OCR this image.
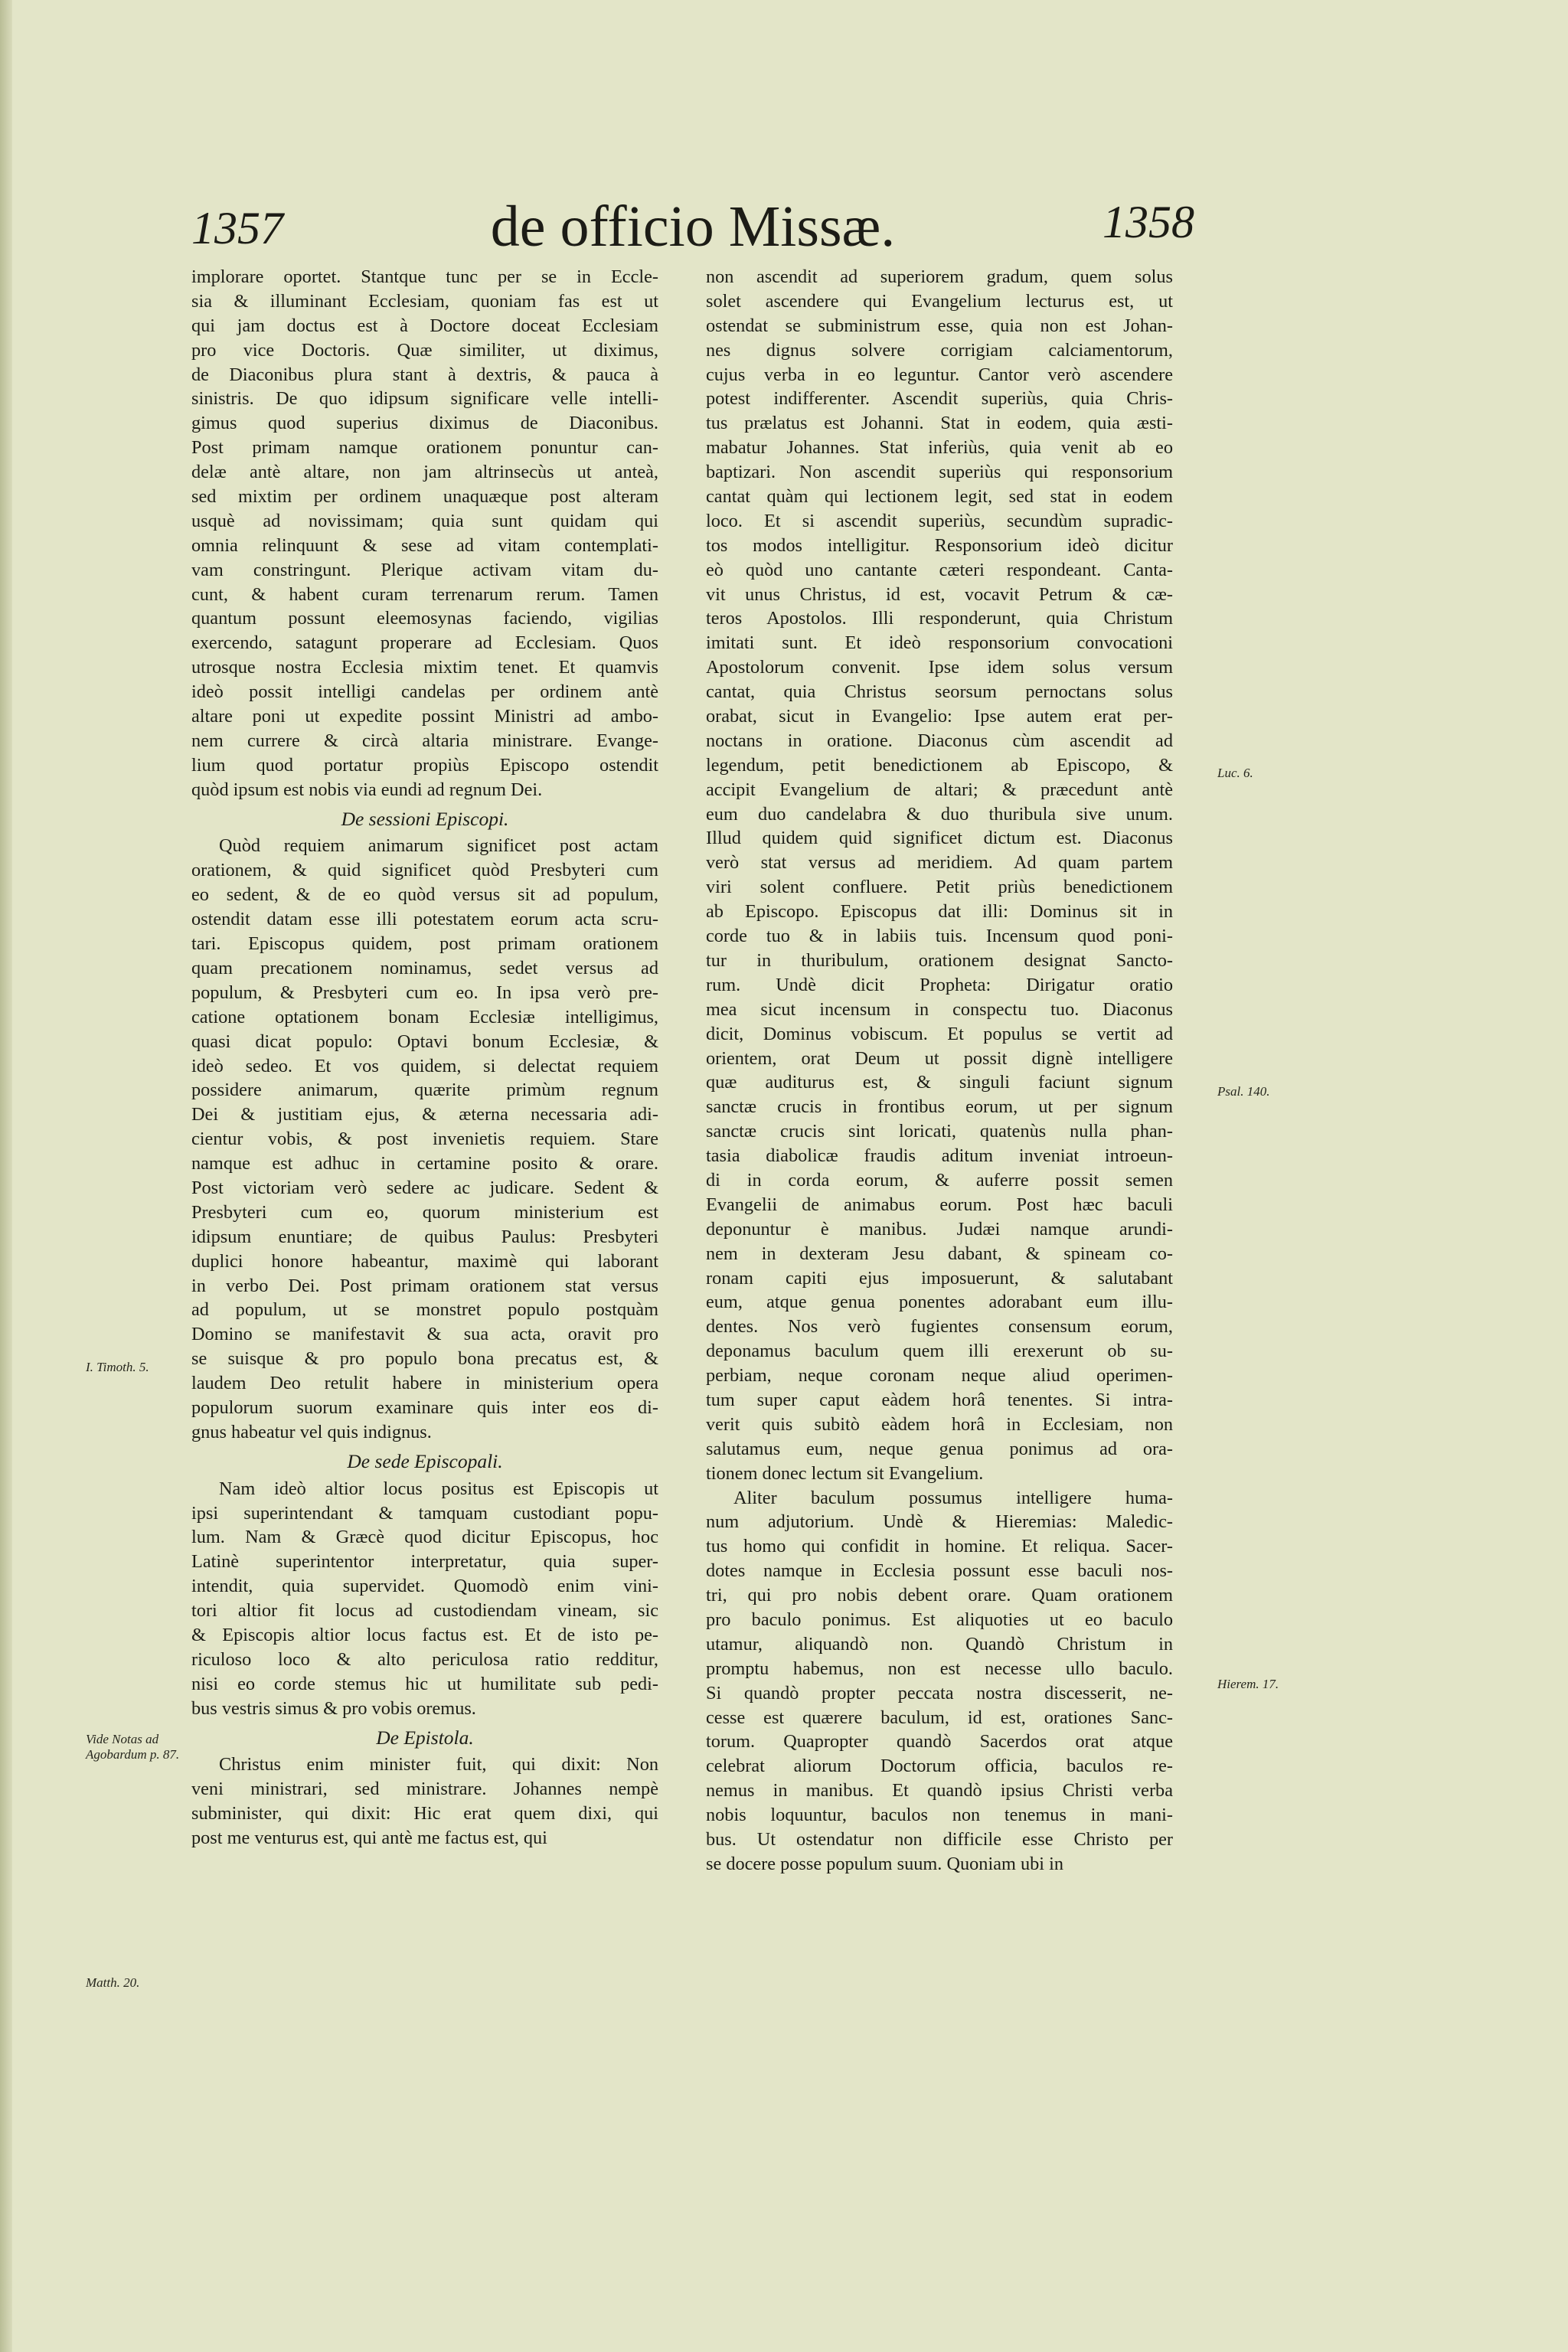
1357	de officio Missæ.	1358
implorare oportet. Stantque tunc per se in Eccle-
sia & illuminant Ecclesiam, quoniam fas est ut
qui jam doctus est à Doctore doceat Ecclesiam
pro vice Doctoris. Quæ similiter, ut diximus,
de Diaconibus plura stant à dextris, & pauca à
sinistris. De quo idipsum significare velle intelli-
gimus quod superius diximus de Diaconibus.
Post primam namque orationem ponuntur can-
delæ antè altare, non jam altrinsecùs ut anteà,
sed mixtim per ordinem unaquæque post alteram
usquè ad novissimam; quia sunt quidam qui
omnia relinquunt & sese ad vitam contemplati-
vam constringunt. Plerique activam vitam du-
cunt, & habent curam terrenarum rerum. Tamen
quantum possunt eleemosynas faciendo, vigilias
exercendo, satagunt properare ad Ecclesiam. Quos
utrosque nostra Ecclesia mixtim tenet. Et quamvis
ideò possit intelligi candelas per ordinem antè
altare poni ut expedite possint Ministri ad ambo-
nem currere & circà altaria ministrare. Evange-
lium quod portatur propiùs Episcopo ostendit
quòd ipsum est nobis via eundi ad regnum Dei.
De sessioni Episcopi.
Quòd requiem animarum significet post actam
orationem, & quid significet quòd Presbyteri cum
eo sedent, & de eo quòd versus sit ad populum,
ostendit datam esse illi potestatem eorum acta scru-
tari. Episcopus quidem, post primam orationem
quam precationem nominamus, sedet versus ad
populum, & Presbyteri cum eo. In ipsa verò pre-
catione optationem bonam Ecclesiæ intelligimus,
quasi dicat populo: Optavi bonum Ecclesiæ, &
ideò sedeo. Et vos quidem, si delectat requiem
possidere animarum, quærite primùm regnum
Dei & justitiam ejus, & æterna necessaria adi-
cientur vobis, & post invenietis requiem. Stare
namque est adhuc in certamine posito & orare.
Post victoriam verò sedere ac judicare. Sedent &
Presbyteri cum eo, quorum ministerium est
idipsum enuntiare; de quibus Paulus: Presbyteri
duplici honore habeantur, maximè qui laborant
in verbo Dei. Post primam orationem stat versus
ad populum, ut se monstret populo postquàm
Domino se manifestavit & sua acta, oravit pro
se suisque & pro populo bona precatus est, &
laudem Deo retulit habere in ministerium opera
populorum suorum examinare quis inter eos di-
gnus habeatur vel quis indignus.
De sede Episcopali.
Nam ideò altior locus positus est Episcopis ut
ipsi superintendant & tamquam custodiant popu-
lum. Nam & Græcè quod dicitur Episcopus, hoc
Latinè superintentor interpretatur, quia super-
intendit, quia supervidet. Quomodò enim vini-
tori altior fit locus ad custodiendam vineam, sic
& Episcopis altior locus factus est. Et de isto pe-
riculoso loco & alto periculosa ratio redditur,
nisi eo corde stemus hic ut humilitate sub pedi-
bus vestris simus & pro vobis oremus.
De Epistola.
Christus enim minister fuit, qui dixit: Non
veni ministrari, sed ministrare. Johannes nempè
subminister, qui dixit: Hic erat quem dixi, qui
post me venturus est, qui antè me factus est, qui
non ascendit ad superiorem gradum, quem solus
solet ascendere qui Evangelium lecturus est, ut
ostendat se subministrum esse, quia non est Johan-
nes dignus solvere corrigiam calciamentorum,
cujus verba in eo leguntur. Cantor verò ascendere
potest indifferenter. Ascendit superiùs, quia Chris-
tus prælatus est Johanni. Stat in eodem, quia æsti-
mabatur Johannes. Stat inferiùs, quia venit ab eo
baptizari. Non ascendit superiùs qui responsorium
cantat quàm qui lectionem legit, sed stat in eodem
loco. Et si ascendit superiùs, secundùm supradic-
tos modos intelligitur. Responsorium ideò dicitur
eò quòd uno cantante cæteri respondeant. Canta-
vit unus Christus, id est, vocavit Petrum & cæ-
teros Apostolos. Illi responderunt, quia Christum
imitati sunt. Et ideò responsorium convocationi
Apostolorum convenit. Ipse idem solus versum
cantat, quia Christus seorsum pernoctans solus
orabat, sicut in Evangelio: Ipse autem erat per-
noctans in oratione. Diaconus cùm ascendit ad
legendum, petit benedictionem ab Episcopo, &
accipit Evangelium de altari; & præcedunt antè
eum duo candelabra & duo thuribula sive unum.
Illud quidem quid significet dictum est. Diaconus
verò stat versus ad meridiem. Ad quam partem
viri solent confluere. Petit priùs benedictionem
ab Episcopo. Episcopus dat illi: Dominus sit in
corde tuo & in labiis tuis. Incensum quod poni-
tur in thuribulum, orationem designat Sancto-
rum. Undè dicit Propheta: Dirigatur oratio
mea sicut incensum in conspectu tuo. Diaconus
dicit, Dominus vobiscum. Et populus se vertit ad
orientem, orat Deum ut possit dignè intelligere
quæ auditurus est, & singuli faciunt signum
sanctæ crucis in frontibus eorum, ut per signum
sanctæ crucis sint loricati, quatenùs nulla phan-
tasia diabolicæ fraudis aditum inveniat introeun-
di in corda eorum, & auferre possit semen
Evangelii de animabus eorum. Post hæc baculi
deponuntur è manibus. Judæi namque arundi-
nem in dexteram Jesu dabant, & spineam co-
ronam capiti ejus imposuerunt, & salutabant
eum, atque genua ponentes adorabant eum illu-
dentes. Nos verò fugientes consensum eorum,
deponamus baculum quem illi erexerunt ob su-
perbiam, neque coronam neque aliud operimen-
tum super caput eàdem horâ tenentes. Si intra-
verit quis subitò eàdem horâ in Ecclesiam, non
salutamus eum, neque genua ponimus ad ora-
tionem donec lectum sit Evangelium.
Aliter baculum possumus intelligere huma-
num adjutorium. Undè & Hieremias: Maledic-
tus homo qui confidit in homine. Et reliqua. Sacer-
dotes namque in Ecclesia possunt esse baculi nos-
tri, qui pro nobis debent orare. Quam orationem
pro baculo ponimus. Est aliquoties ut eo baculo
utamur, aliquandò non. Quandò Christum in
promptu habemus, non est necesse ullo baculo.
Si quandò propter peccata nostra discesserit, ne-
cesse est quærere baculum, id est, orationes Sanc-
torum. Quapropter quandò Sacerdos orat atque
celebrat aliorum Doctorum officia, baculos re-
nemus in manibus. Et quandò ipsius Christi verba
nobis loquuntur, baculos non tenemus in mani-
bus. Ut ostendatur non difficile esse Christo per
se docere posse populum suum. Quoniam ubi in
I. Timoth. 5.
Vide Notas ad Agobardum p. 87.
Matth. 20.
Luc. 6.
Psal. 140.
Hierem. 17.
